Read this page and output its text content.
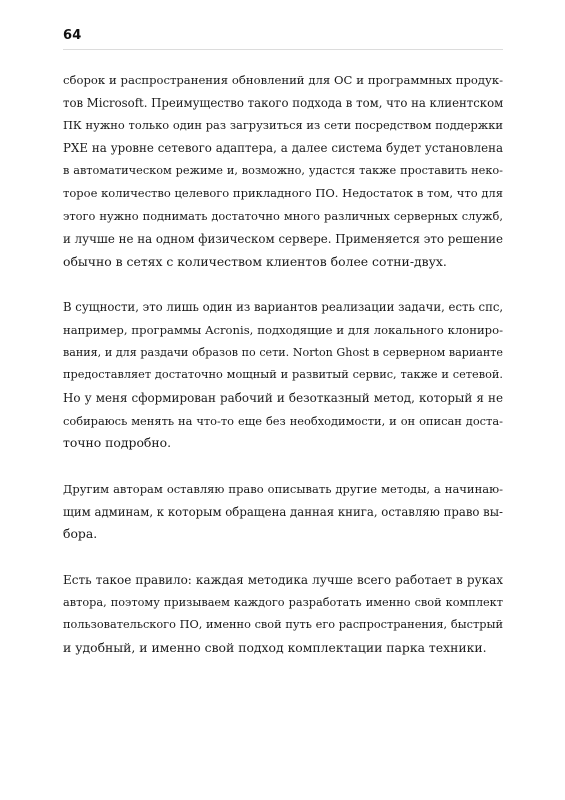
64

сборок и распространения обновлений для ОС и программных продук-
тов Microsoft. Преимущество такого подхода в том, что на клиентском
ПК нужно только один раз загрузиться из сети посредством поддержки
PXE на уровне сетевого адаптера, а далее система будет установлена
в автоматическом режиме и, возможно, удастся также проставить неко-
торое количество целевого прикладного ПО. Недостаток в том, что для
этого нужно поднимать достаточно много различных серверных служб,
и лучше не на одном физическом сервере. Применяется это решение
обычно в сетях с количеством клиентов более сотни-двух.

В сущности, это лишь один из вариантов реализации задачи, есть спс,
например, программы Acronis, подходящие и для локального клониро-
вания, и для раздачи образов по сети. Norton Ghost в серверном варианте
предоставляет достаточно мощный и развитый сервис, также и сетевой.
Но у меня сформирован рабочий и безотказный метод, который я не
собираюсь менять на что-то еще без необходимости, и он описан доста-
точно подробно.

Другим авторам оставляю право описывать другие методы, а начинаю-
щим админам, к которым обращена данная книга, оставляю право вы-
бора.

Есть такое правило: каждая методика лучше всего работает в руках
автора, поэтому призываем каждого разработать именно свой комплект
пользовательского ПО, именно свой путь его распространения, быстрый
и удобный, и именно свой подход комплектации парка техники.
